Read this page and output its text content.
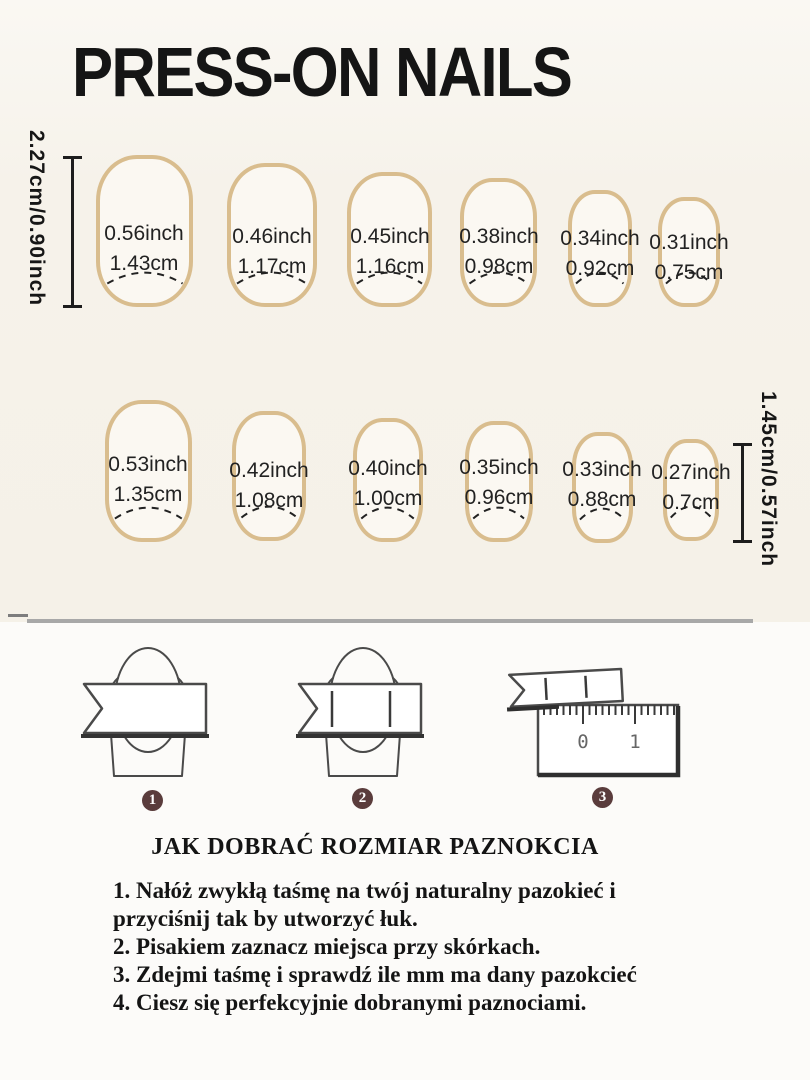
PRESS-ON NAILS
2.27cm/0.90inch
1.45cm/0.57inch
0.56inch
1.43cm
0.46inch
1.17cm
0.45inch
1.16cm
0.38inch
0.98cm
0.34inch
0.92cm
0.31inch
0.75cm
0.53inch
1.35cm
0.42inch
1.08cm
0.40inch
1.00cm
0.35inch
0.96cm
0.33inch
0.88cm
0.27inch
0.7cm
0 1
1	2	3
JAK DOBRAĆ ROZMIAR PAZNOKCIA
1. Nałóż zwykłą taśmę na twój naturalny pazokieć i przyciśnij tak by utworzyć łuk.
2. Pisakiem zaznacz miejsca przy skórkach.
3. Zdejmi taśmę i sprawdź ile mm ma dany pazokcieć
4. Ciesz się perfekcyjnie dobranymi paznociami.
